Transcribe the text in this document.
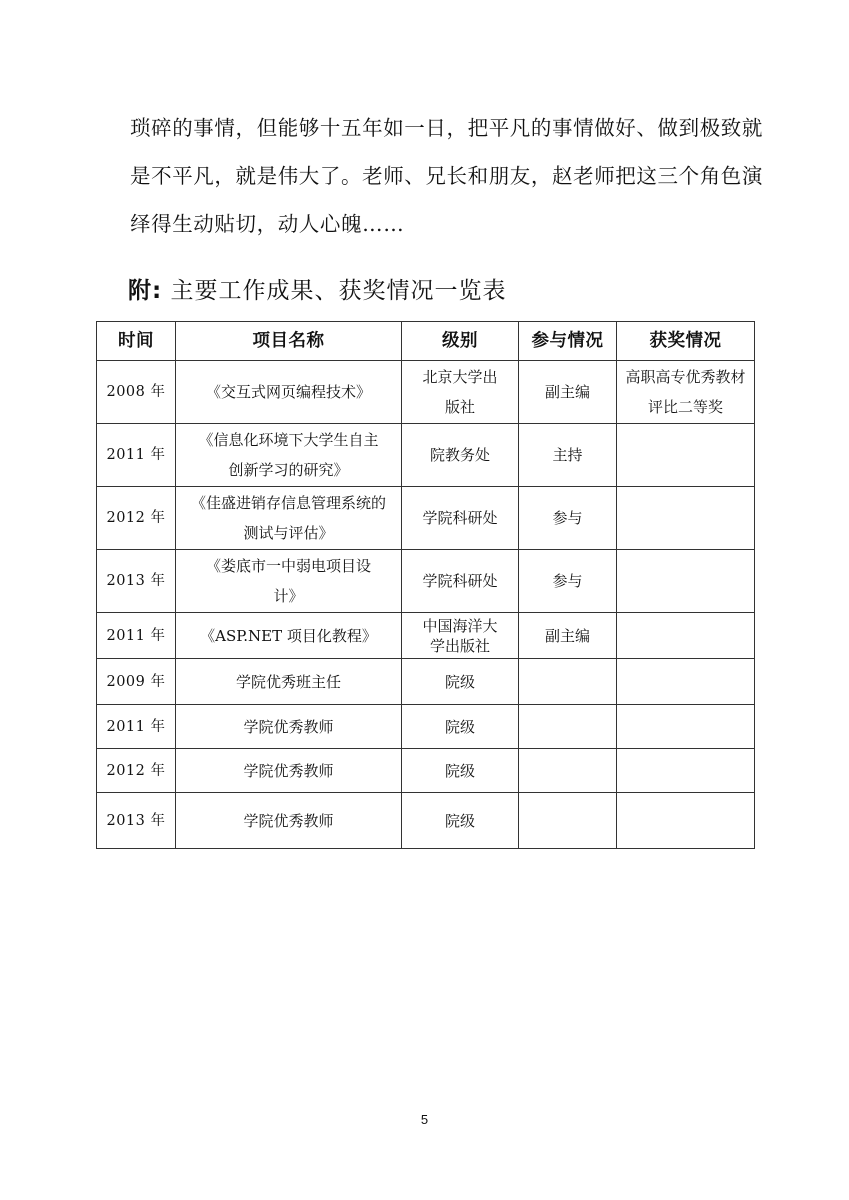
琐碎的事情，但能够十五年如一日，把平凡的事情做好、做到极致就
是不平凡，就是伟大了。老师、兄长和朋友，赵老师把这三个角色演
绎得生动贴切，动人心魄……
附: 主要工作成果、获奖情况一览表
时间	项目名称	级别	参与情况	获奖情况
2008 年	《交互式网页编程技术》	北京大学出版社	副主编	高职高专优秀教材评比二等奖
2011 年	《信息化环境下大学生自主创新学习的研究》	院教务处	主持	
2012 年	《佳盛进销存信息管理系统的测试与评估》	学院科研处	参与	
2013 年	《娄底市一中弱电项目设计》	学院科研处	参与	
2011 年	《ASP.NET 项目化教程》	中国海洋大学出版社	副主编	
2009 年	学院优秀班主任	院级		
2011 年	学院优秀教师	院级		
2012 年	学院优秀教师	院级		
2013 年	学院优秀教师	院级		
5
